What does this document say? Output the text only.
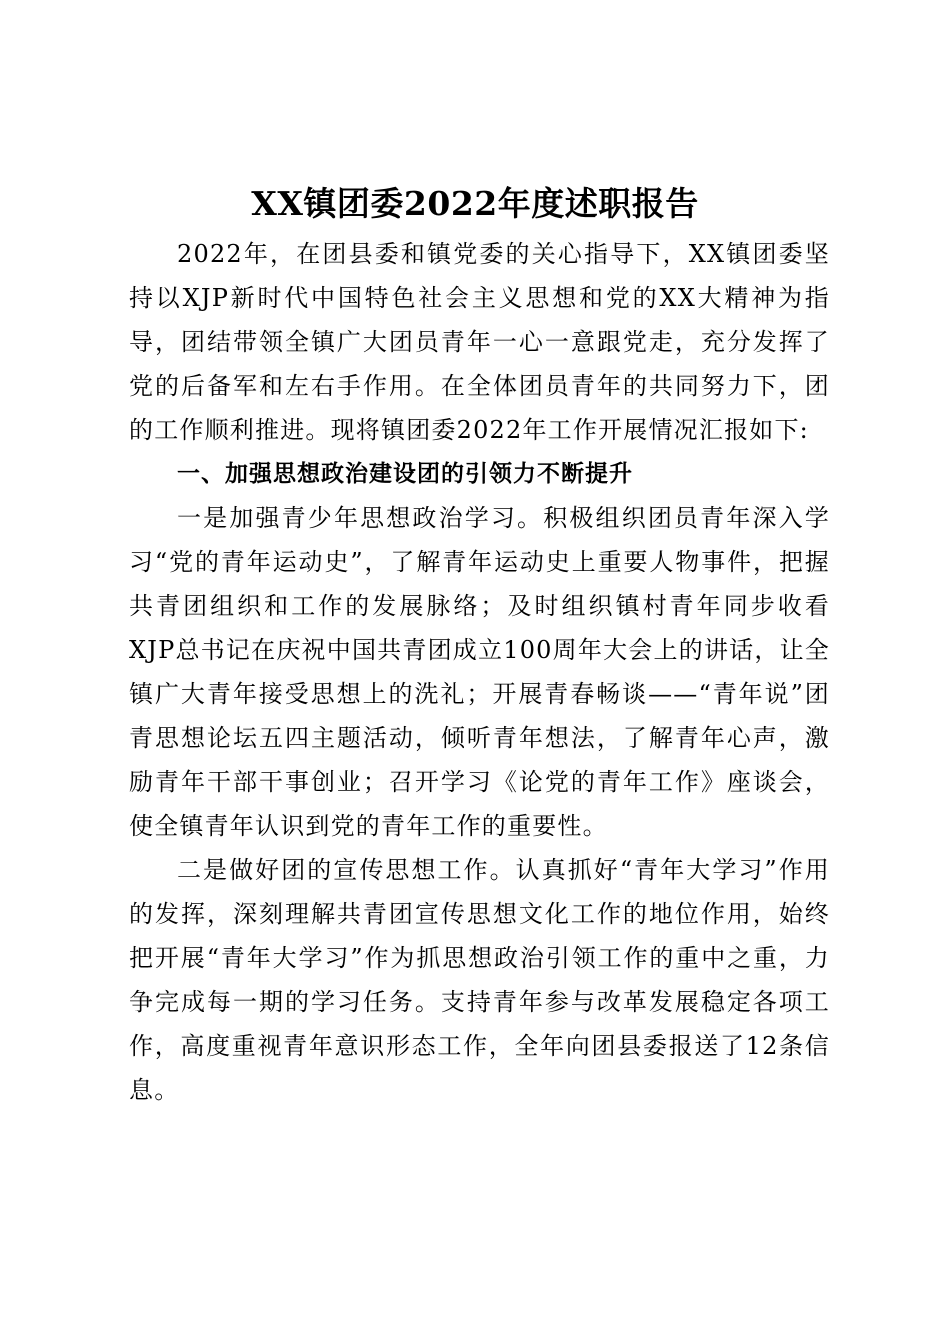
XX镇团委2022年度述职报告

2022年，在团县委和镇党委的关心指导下，XX镇团委坚持以XJP新时代中国特色社会主义思想和党的XX大精神为指导，团结带领全镇广大团员青年一心一意跟党走，充分发挥了党的后备军和左右手作用。在全体团员青年的共同努力下，团的工作顺利推进。现将镇团委2022年工作开展情况汇报如下:

一、加强思想政治建设团的引领力不断提升

一是加强青少年思想政治学习。积极组织团员青年深入学习“党的青年运动史”，了解青年运动史上重要人物事件，把握共青团组织和工作的发展脉络；及时组织镇村青年同步收看XJP总书记在庆祝中国共青团成立100周年大会上的讲话，让全镇广大青年接受思想上的洗礼；开展青春畅谈——“青年说”团青思想论坛五四主题活动，倾听青年想法，了解青年心声，激励青年干部干事创业；召开学习《论党的青年工作》座谈会，使全镇青年认识到党的青年工作的重要性。

二是做好团的宣传思想工作。认真抓好“青年大学习”作用的发挥，深刻理解共青团宣传思想文化工作的地位作用，始终把开展“青年大学习”作为抓思想政治引领工作的重中之重，力争完成每一期的学习任务。支持青年参与改革发展稳定各项工作，高度重视青年意识形态工作，全年向团县委报送了12条信息。
